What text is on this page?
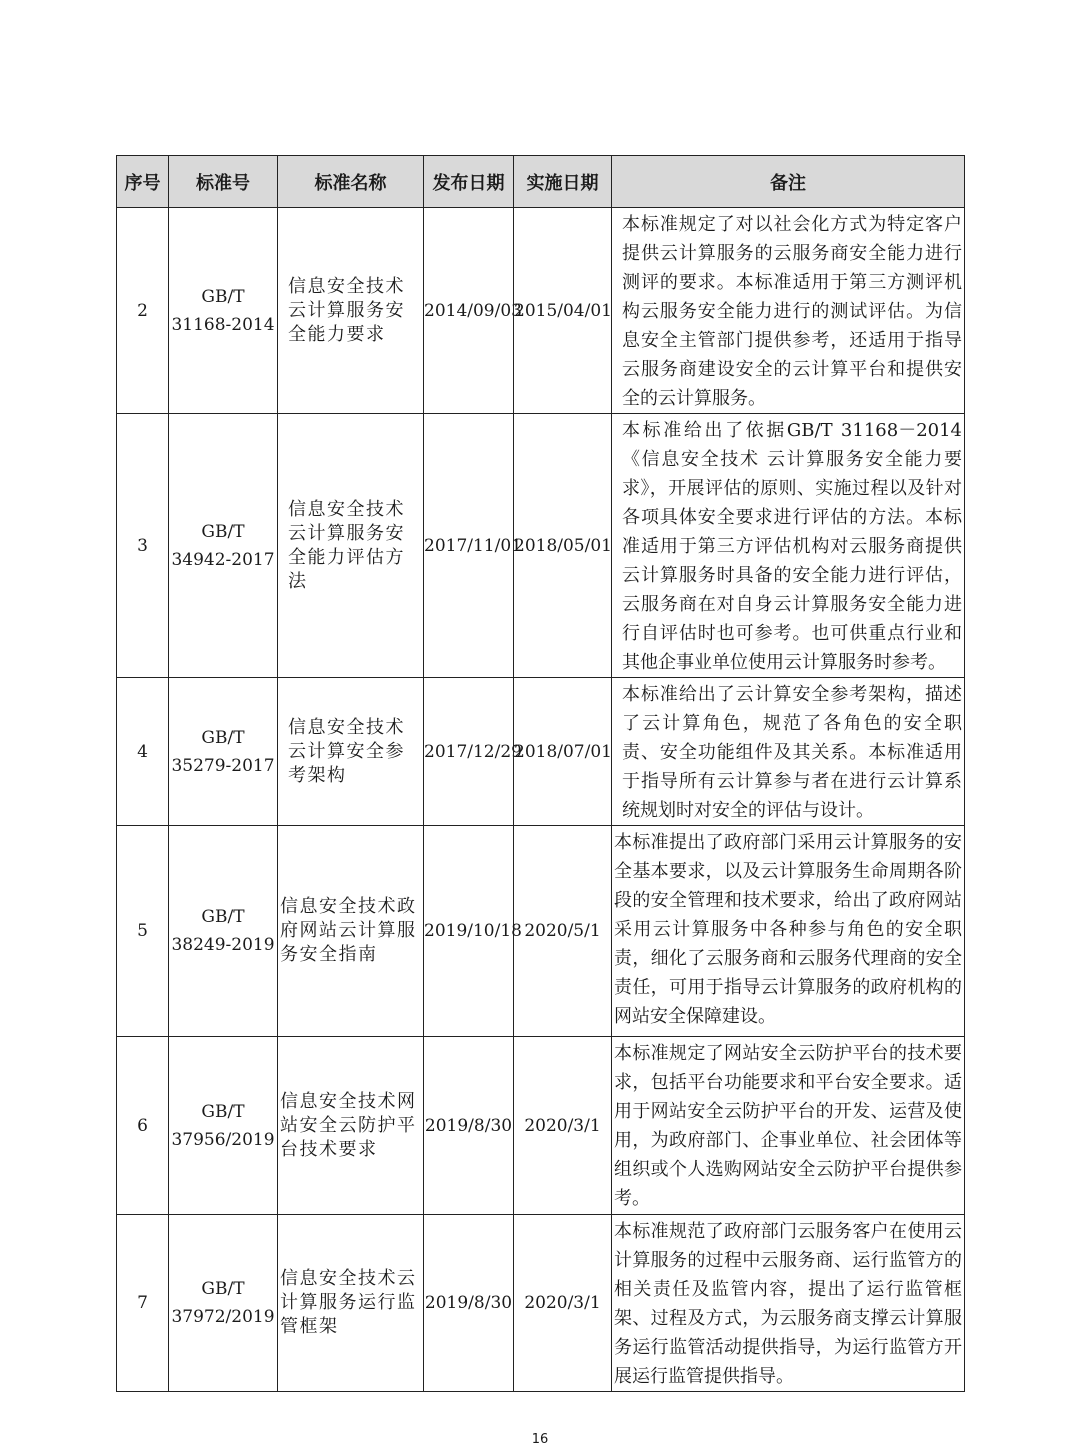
序号	标准号	标准名称	发布日期	实施日期	备注
2	GB/T 31168-2014	信息安全技术云计算服务安全能力要求	2014/09/03	2015/04/01	本标准规定了对以社会化方式为特定客户提供云计算服务的云服务商安全能力进行测评的要求。本标准适用于第三方测评机构云服务安全能力进行的测试评估。为信息安全主管部门提供参考，还适用于指导云服务商建设安全的云计算平台和提供安全的云计算服务。
3	GB/T 34942-2017	信息安全技术云计算服务安全能力评估方法	2017/11/01	2018/05/01	本标准给出了依据GB/T 31168－2014《信息安全技术 云计算服务安全能力要求》，开展评估的原则、实施过程以及针对各项具体安全要求进行评估的方法。本标准适用于第三方评估机构对云服务商提供云计算服务时具备的安全能力进行评估，云服务商在对自身云计算服务安全能力进行自评估时也可参考。也可供重点行业和其他企事业单位使用云计算服务时参考。
4	GB/T 35279-2017	信息安全技术云计算安全参考架构	2017/12/29	2018/07/01	本标准给出了云计算安全参考架构，描述了云计算角色，规范了各角色的安全职责、安全功能组件及其关系。本标准适用于指导所有云计算参与者在进行云计算系统规划时对安全的评估与设计。
5	GB/T 38249-2019	信息安全技术政府网站云计算服务安全指南	2019/10/18	2020/5/1	本标准提出了政府部门采用云计算服务的安全基本要求，以及云计算服务生命周期各阶段的安全管理和技术要求，给出了政府网站采用云计算服务中各种参与角色的安全职责，细化了云服务商和云服务代理商的安全责任，可用于指导云计算服务的政府机构的网站安全保障建设。
6	GB/T 37956/2019	信息安全技术网站安全云防护平台技术要求	2019/8/30	2020/3/1	本标准规定了网站安全云防护平台的技术要求，包括平台功能要求和平台安全要求。适用于网站安全云防护平台的开发、运营及使用，为政府部门、企事业单位、社会团体等组织或个人选购网站安全云防护平台提供参考。
7	GB/T 37972/2019	信息安全技术云计算服务运行监管框架	2019/8/30	2020/3/1	本标准规范了政府部门云服务客户在使用云计算服务的过程中云服务商、运行监管方的相关责任及监管内容，提出了运行监管框架、过程及方式，为云服务商支撑云计算服务运行监管活动提供指导，为运行监管方开展运行监管提供指导。
16
